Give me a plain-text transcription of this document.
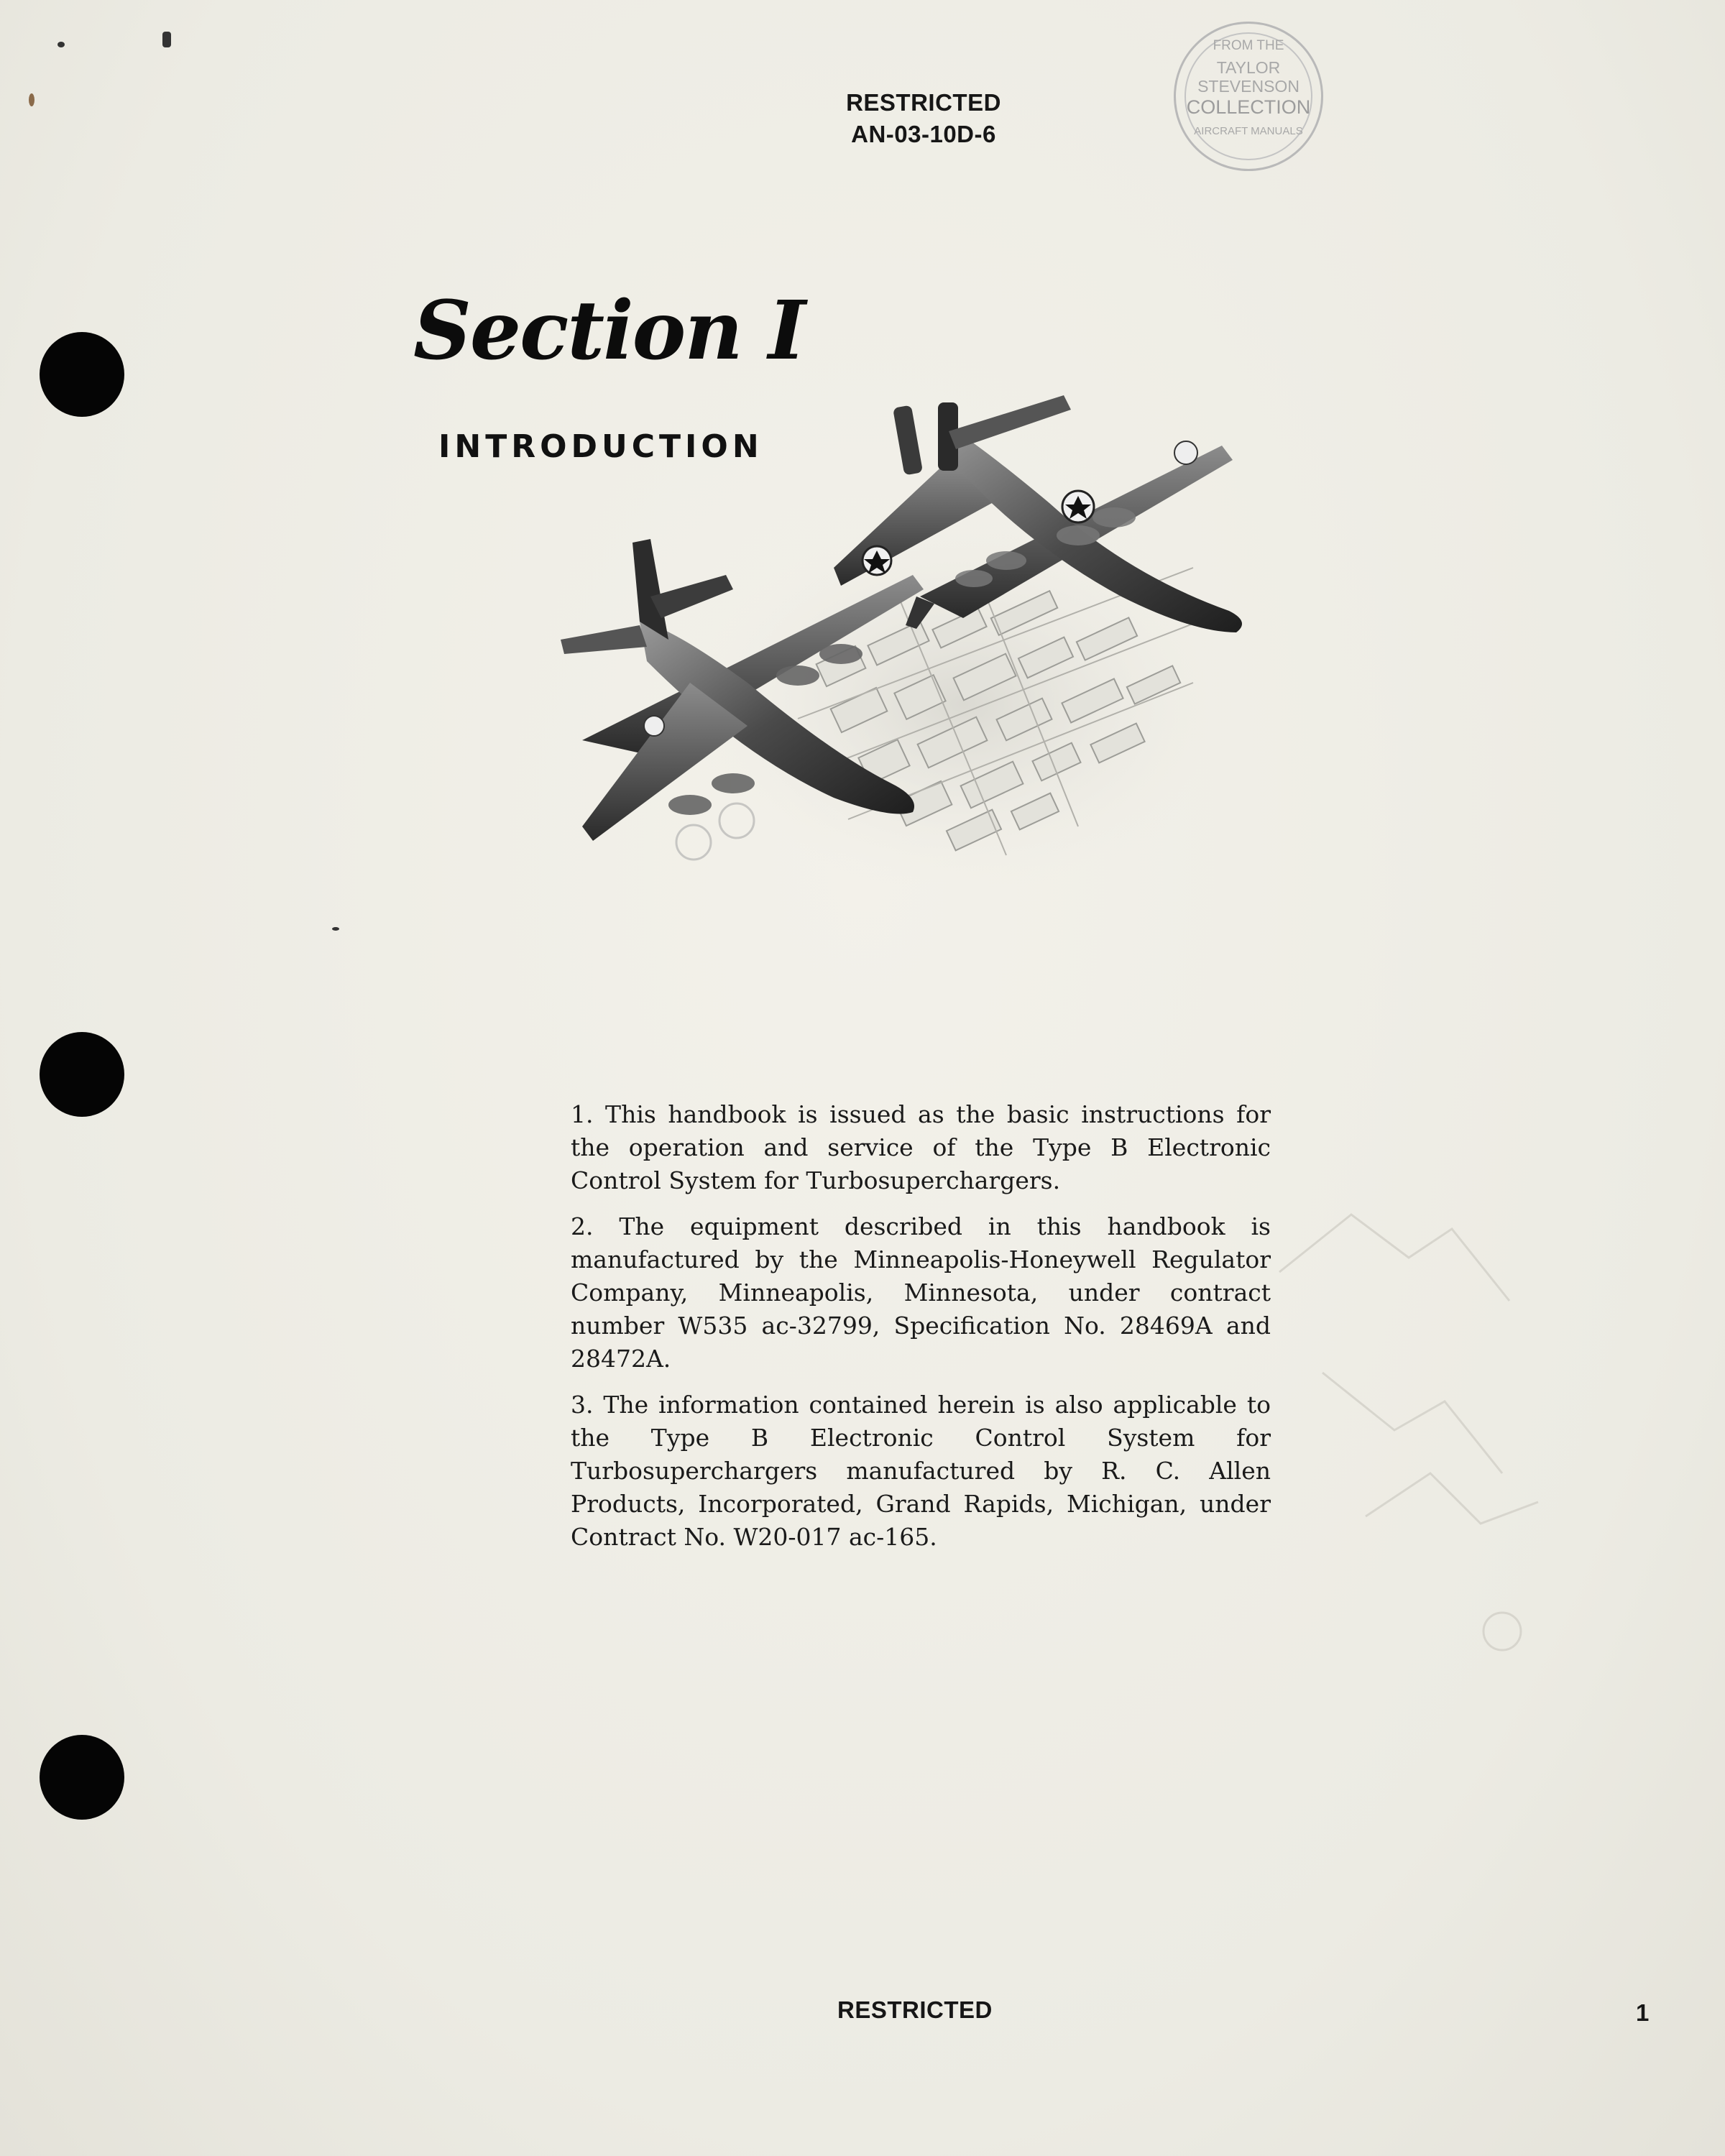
RESTRICTED
AN-03-10D-6
FROM THE
TAYLOR
STEVENSON
COLLECTION
AIRCRAFT MANUALS

Section I
INTRODUCTION

1. This handbook is issued as the basic instructions for the operation and service of the Type B Electronic Control System for Turbosuperchargers.

2. The equipment described in this handbook is manufactured by the Minneapolis-Honeywell Regulator Company, Minneapolis, Minnesota, under contract number W535 ac-32799, Specification No. 28469A and 28472A.

3. The information contained herein is also applicable to the Type B Electronic Control System for Turbosuperchargers manufactured by R. C. Allen Products, Incorporated, Grand Rapids, Michigan, under Contract No. W20-017 ac-165.

RESTRICTED	1
